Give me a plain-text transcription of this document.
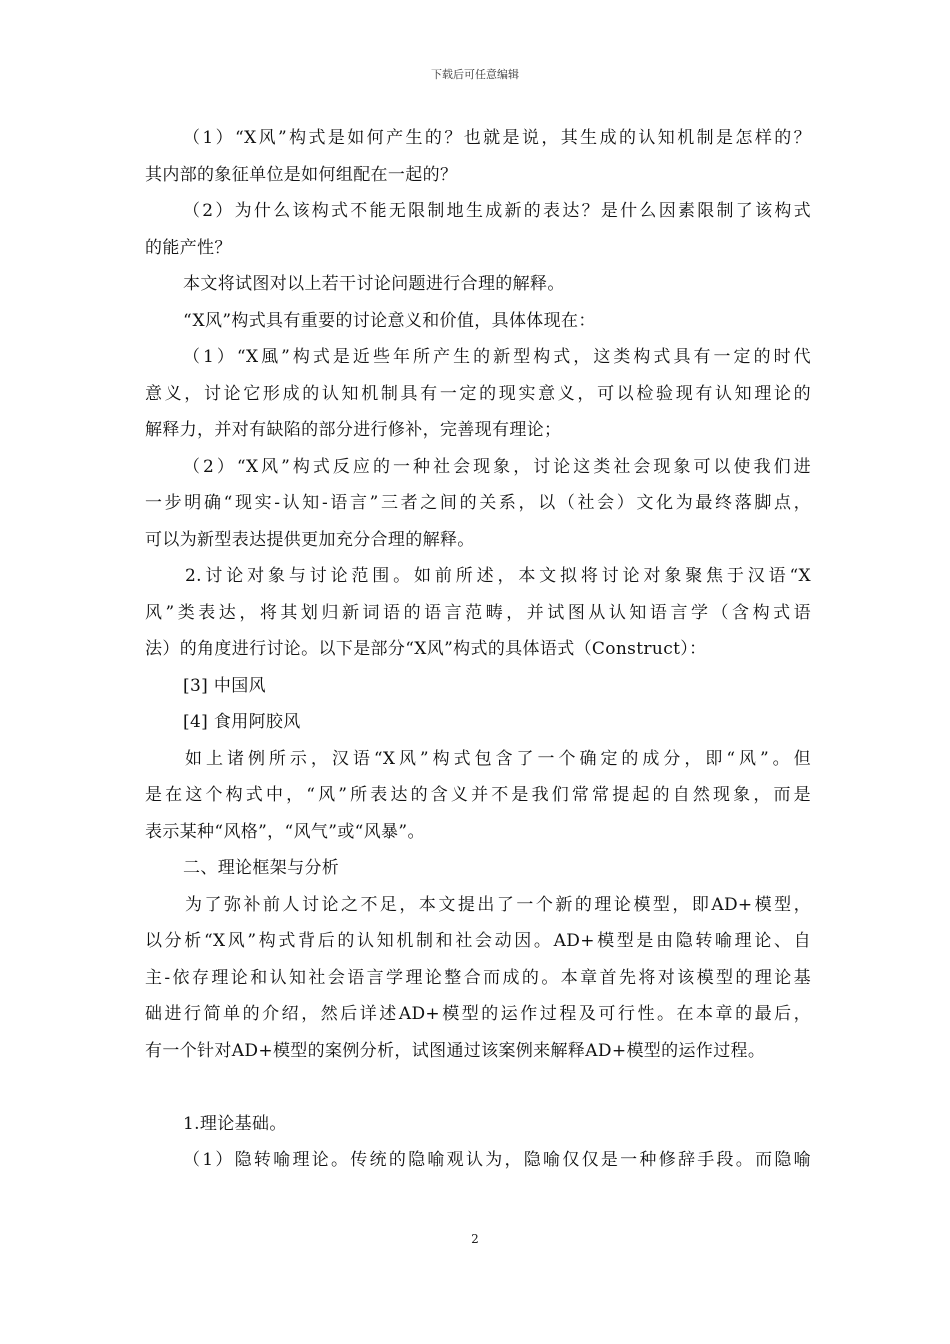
下载后可任意编辑
（1）“X风”构式是如何产生的？也就是说，其生成的认知机制是怎样的？
其内部的象征单位是如何组配在一起的？
（2）为什么该构式不能无限制地生成新的表达？是什么因素限制了该构式
的能产性？
本文将试图对以上若干讨论问题进行合理的解释。
“X风”构式具有重要的讨论意义和价值，具体体现在：
（1）“X風”构式是近些年所产生的新型构式，这类构式具有一定的时代
意义，讨论它形成的认知机制具有一定的现实意义，可以检验现有认知理论的
解释力，并对有缺陷的部分进行修补，完善现有理论；
（2）“X风”构式反应的一种社会现象，讨论这类社会现象可以使我们进
一步明确“现实-认知-语言”三者之间的关系，以（社会）文化为最终落脚点，
可以为新型表达提供更加充分合理的解释。
2.讨论对象与讨论范围。如前所述，本文拟将讨论对象聚焦于汉语“X
风”类表达，将其划归新词语的语言范畴，并试图从认知语言学（含构式语
法）的角度进行讨论。以下是部分“X风”构式的具体语式（Construct）：
[3] 中国风
[4] 食用阿胶风
如上诸例所示，汉语“X风”构式包含了一个确定的成分，即“风”。但
是在这个构式中，“风”所表达的含义并不是我们常常提起的自然现象，而是
表示某种“风格”，“风气”或“风暴”。
二、理论框架与分析
为了弥补前人讨论之不足，本文提出了一个新的理论模型，即AD+模型，
以分析“X风”构式背后的认知机制和社会动因。AD+模型是由隐转喻理论、自
主-依存理论和认知社会语言学理论整合而成的。本章首先将对该模型的理论基
础进行简单的介绍，然后详述AD+模型的运作过程及可行性。在本章的最后，
有一个针对AD+模型的案例分析，试图通过该案例来解释AD+模型的运作过程。
1.理论基础。
（1）隐转喻理论。传统的隐喻观认为，隐喻仅仅是一种修辞手段。而隐喻
2
